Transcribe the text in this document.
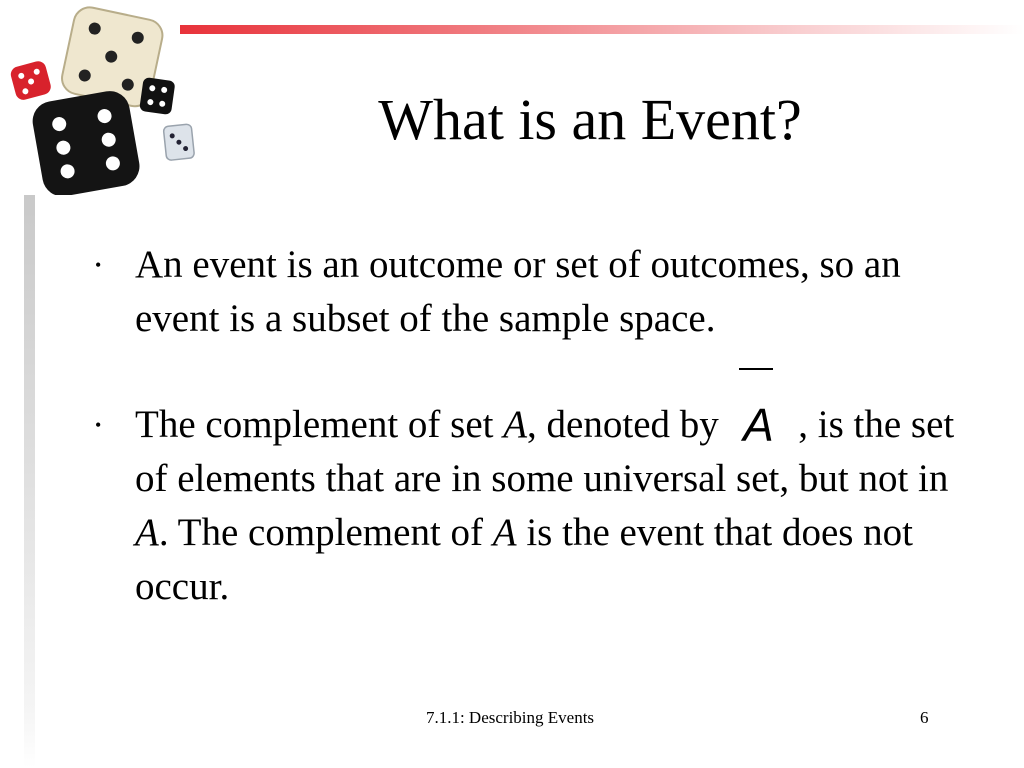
What is an Event?
• An event is an outcome or set of outcomes, so an event is a subset of the sample space.
• The complement of set A, denoted by A , is the set of elements that are in some universal set, but not in A. The complement of A is the event that does not occur.
7.1.1: Describing Events	6
